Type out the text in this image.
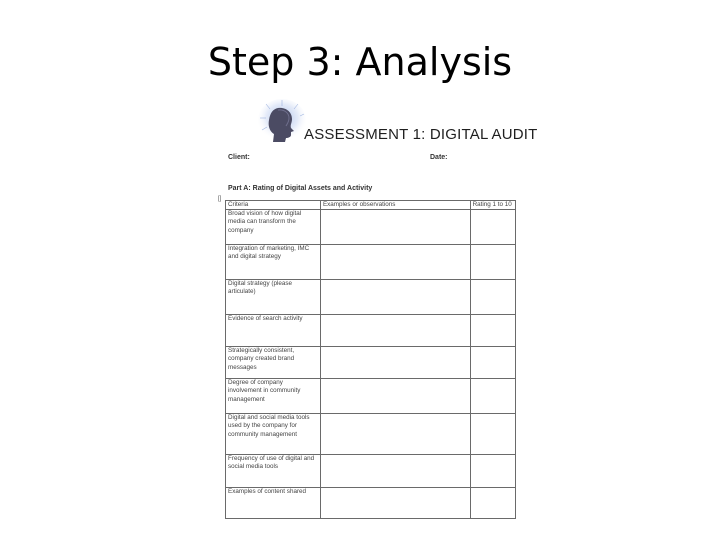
Step 3: Analysis
ASSESSMENT 1: DIGITAL AUDIT
Client:	Date:
Part A: Rating of Digital Assets and Activity
[]
Criteria	Examples or observations	Rating 1 to 10
Broad vision of how digital media can transform the company		
Integration of marketing, IMC and digital strategy		
Digital strategy (please articulate)		
Evidence of search activity		
Strategically consistent, company created brand messages		
Degree of company involvement in community management		
Digital and social media tools used by the company for community management		
Frequency of use of digital and social media tools		
Examples of content shared		
